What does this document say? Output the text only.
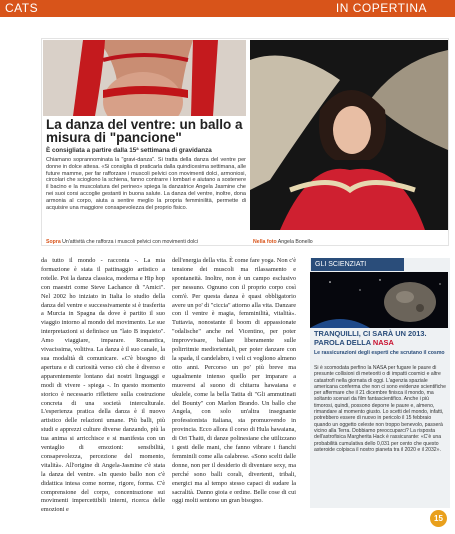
CATS	IN COPERTINA
La danza del ventre: un ballo a misura di "pancione"
È consigliata a partire dalla 15ª settimana di gravidanza
Chiamano soprannominata la "gravi-danza". Si tratta della danza del ventre per donne in dolce attesa. «Si consiglia di praticarla dalla quindicesima settimana, alle future mamme, per far rafforzare i muscoli pelvici con movimenti dolci, armoniosi, circolari che scioglono la schiena, fanno contrarre i lombari e aiutano a sostenere il bacino e la muscolatura del perineo» spiega la danzatrice Angela Jasmine che nei suoi corsi accoglie gestanti in buona salute. La danza del ventre, inoltre, dona armonia al corpo, aiuta a sentire meglio la propria femminilità, permette di acquisire una maggiore consapevolezza del proprio fisico.
Sopra Un'attività che rafforza i muscoli pelvici con movimenti dolci	Nella foto Angela Bonello
da tutto il mondo - racconta -. La mia formazione è stata il pattinaggio artistico a rotelle. Poi la danza classica, moderna e Hip hop con maestri come Steve Lachance di "Amici". Nel 2002 ho iniziato in Italia lo studio della danza del ventre e successivamente si è trasferita a Murcia in Spagna da dove è partito il suo viaggio intorno al mondo del movimento. Le sue interpretazioni si definisce un "lato B inquieto". Amo viaggiare, imparare. Romantica, vivacissima, volitiva. La danza è il suo canale, la sua modalità di comunicare. «C'è bisogno di apertura e di curiosità verso ciò che è diverso e apparentemente lontano dai nostri linguaggi e modi di vivere - spiega -. In questo momento storico è necessario riflettere sulla costruzione concreta di una società interculturale. L'esperienza pratica della danza è il nuovo artistico delle relazioni umane. Più balli, più studi e apprezzi culture diverse danzando, più la tua anima si arricchisce e si manifesta con un ventaglio di emozioni: sensibilità, consapevolezza, percezione del momento, vitalità». All'origine di Angela-Jasmine c'è stata la danza del ventre. «In questo ballo non c'è didattica intesa come norme, rigore, forma. C'è comprensione del corpo, concentrazione sui movimenti impercettibili interni, ricerca delle emozioni e
dell'energia della vita. È come fare yoga. Non c'è tensione dei muscoli ma rilassamento e spontaneità. Inoltre, non è un campo esclusivo per nessuno. Ognuno con il proprio corpo così com'è. Per questa danza è quasi obbligatorio avere un po' di "ciccia" attorno alla vita. Danzare con il ventre è magia, femminilità, vitalità». Tuttavia, nonostante il boom di appassionate "odalische" anche nel Vicentino, per poter improvvisare, ballare liberamente sulle polirritmie mediorientali, per poter danzare con la spada, il candelabro, i veli ci vogliono almeno otto anni. Percorso un po' più breve ma ugualmente intenso quello per imparare a muoversi al suono di chitarra hawaiana e ukulele, come la bella Tatita di "Gli ammutinati del Bounty" con Marlon Brando. Un ballo che Angela, con solo un'altra insegnante professionista italiana, sta promuovendo in provincia. Ecco allora il corso di Hula hawaiana, di Ori Thaiti, di danze polinesiane che utilizzano i gesti delle mani, che fanno vibrare i fianchi femminili come alla calabrese. «Sono scelti dalle donne, non per il desiderio di diventare sexy, ma perché sono balli corali, divertenti, tribali, energici ma al tempo stesso capaci di sudare la sacralità. Danno gioia e ordine. Belle cose di cui oggi molti sentono un gran bisogno.
GLI SCIENZIATI
TRANQUILLI, CI SARÀ UN 2013. PAROLA DELLA NASA
Le rassicurazioni degli esperti che scrutano il cosmo
Si è scomodata perfino la NASA per fugare le paure di presunte collisioni di meteoriti o di impatti cosmici e altre catastrofi nella giornata di oggi. L'agenzia spaziale americana conferma che non ci sono evidenze scientifiche per affermare che il 21 dicembre finisca il mondo, ma soltanto scenari da film fantascientifico. Anche i più timorosi, quindi, possono deporre le paure e, almeno, rimandare al momento giusto. Lo scetti del mondo, infatti, potrebbero essere di nuovo in pericolo il 15 febbraio quando un oggetto celeste non troppo benevolo, passerà vicino alla Terra. Dobbiamo preoccuparci? La risposta dell'astrofisica Margherita Hack è rassicurante: «C'è una probabilità cumulativa dello 0,031 per cento che questo asteroide colpisca il nostro pianeta tra il 2020 e il 2032».
15
